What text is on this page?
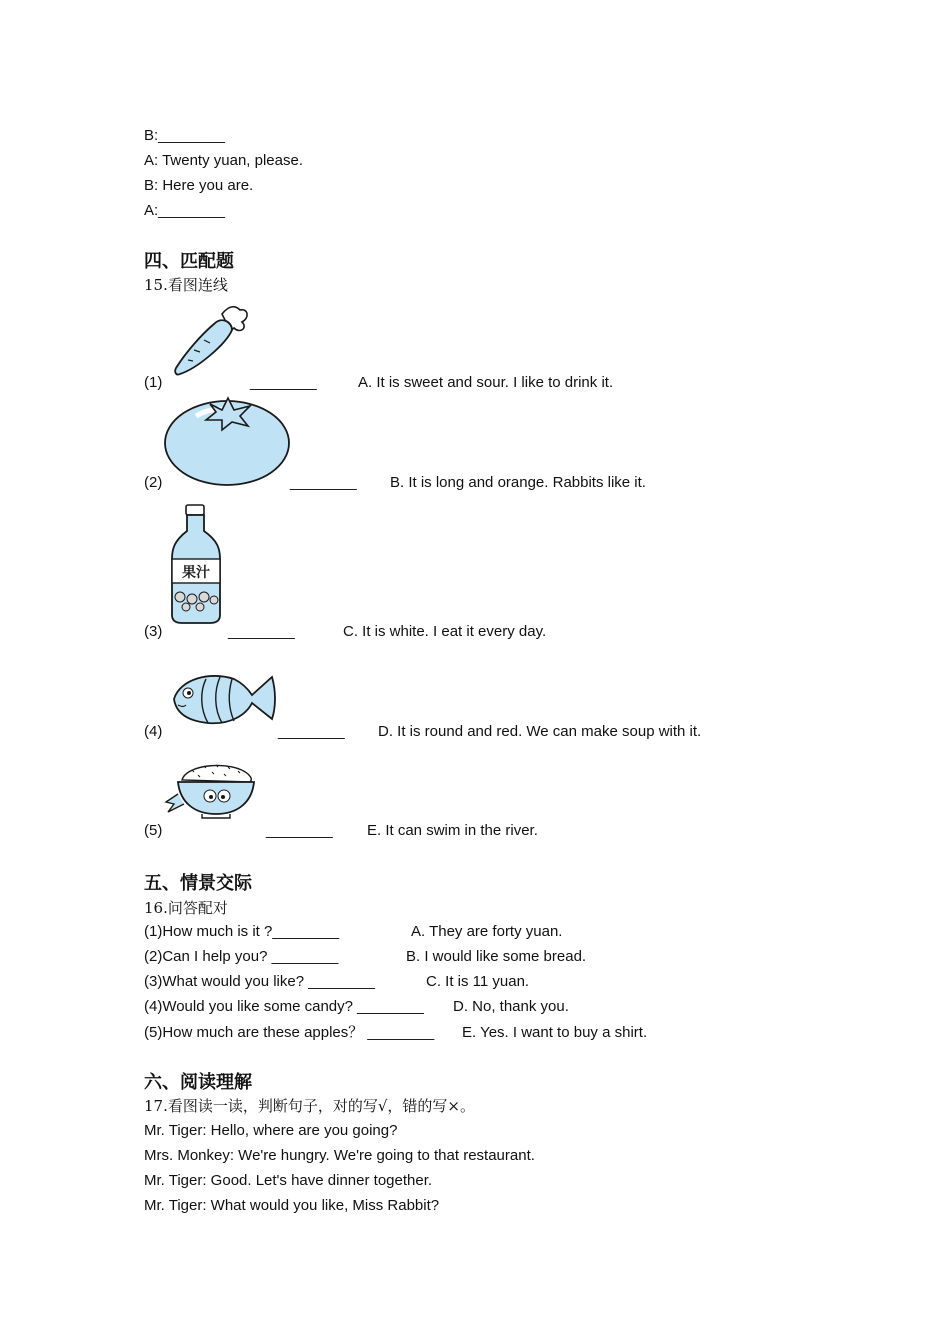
B:________
A: Twenty yuan, please.
B: Here you are.
A:________
四、匹配题
15.看图连线
(1)	________	A. It is sweet and sour. I like to drink it.
(2)	________ B. It is long and orange. Rabbits like it.
果汁
(3)	________	C. It is white. I eat it every day.
(4)	________ D. It is round and red. We can make soup with it.
(5)	________ E. It can swim in the river.
五、情景交际
16.问答配对
(1)How much is it ?________	A. They are forty yuan.
(2)Can I help you? ________	B. I would like some bread.
(3)What would you like? ________	C. It is 11 yuan.
(4)Would you like some candy? ________ D. No, thank you.
(5)How much are these apples？ ________ E. Yes. I want to buy a shirt.
六、阅读理解
17.看图读一读，判断句子，对的写√，错的写×。
Mr. Tiger: Hello, where are you going?
Mrs. Monkey: We're hungry. We're going to that restaurant.
Mr. Tiger: Good. Let's have dinner together.
Mr. Tiger: What would you like, Miss Rabbit?
